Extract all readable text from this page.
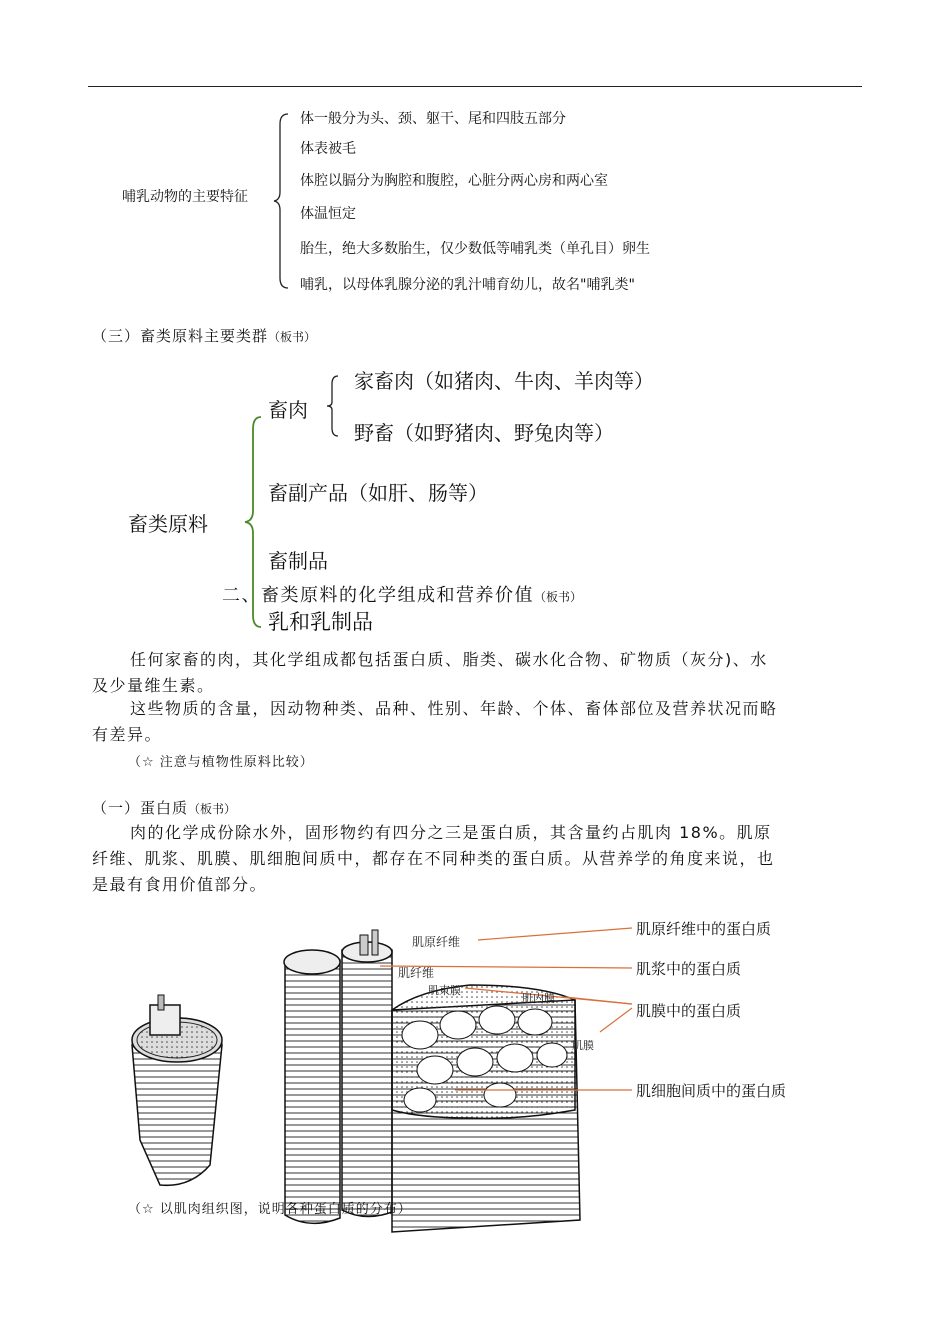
哺乳动物的主要特征
体一般分为头、颈、躯干、尾和四肢五部分
体表被毛
体腔以膈分为胸腔和腹腔，心脏分两心房和两心室
体温恒定
胎生，绝大多数胎生，仅少数低等哺乳类（单孔目）卵生
哺乳，以母体乳腺分泌的乳汁哺育幼儿，故名"哺乳类"
（三）畜类原料主要类群（板书）
畜类原料
畜肉
家畜肉（如猪肉、牛肉、羊肉等）
野畜（如野猪肉、野兔肉等）
畜副产品（如肝、肠等）
畜制品
乳和乳制品
二、畜类原料的化学组成和营养价值（板书）
任何家畜的肉，其化学组成都包括蛋白质、脂类、碳水化合物、矿物质（灰分)、水及少量维生素。
这些物质的含量，因动物种类、品种、性别、年龄、个体、畜体部位及营养状况而略有差异。
（☆ 注意与植物性原料比较）
（一）蛋白质（板书）
肉的化学成份除水外，固形物约有四分之三是蛋白质，其含量约占肌肉 18%。肌原纤维、肌浆、肌膜、肌细胞间质中，都存在不同种类的蛋白质。从营养学的角度来说，也是最有食用价值部分。
肌原纤维
肌纤维
肌束膜
肌内膜
肌膜
肌原纤维中的蛋白质
肌浆中的蛋白质
肌膜中的蛋白质
肌细胞间质中的蛋白质
（☆ 以肌肉组织图，说明各种蛋白质的分布）
